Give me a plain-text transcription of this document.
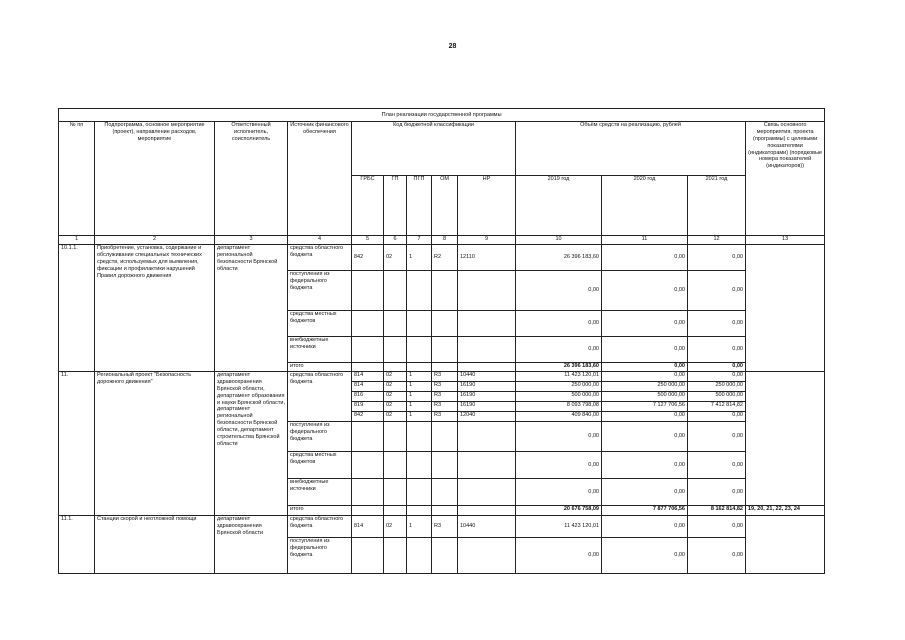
28
План реализации государственной программы												
№ пп	Подпрограмма, основное мероприятие (проект), направление расходов, мероприятие	Ответственный исполнитель, соисполнитель	Источник финансового обеспечения	Код бюджетной классификации					Объём средств на реализацию, рублей			Связь основного мероприятия, проекта (программы) с целевыми показателями (индикаторами) (порядковые номера показателей (индикаторов))
				ГРБС	ГП	ПГП	ОМ	НР	2019 год	2020 год	2021 год	
1	2	3	4	5	6	7	8	9	10	11	12	13
10.1.1.	Приобретение, установка, содержание и обслуживание специальных технических средств, используемых для выявления, фиксации и профилактики нарушений Правил дорожного движения	департамент региональной безопасности Брянской области	средства областного бюджета	842	02	1	R2	12110	26 396 183,60	0,00	0,00	
			поступления из федерального бюджета						0,00	0,00	0,00	
			средства местных бюджетов						0,00	0,00	0,00	
			внебюджетные источники						0,00	0,00	0,00	
			итого						26 396 183,60	0,00	0,00	
11.	Региональный проект "Безопасность дорожного движения"	департамент здравоохранения Брянской области, департамент образования и науки Брянской области, департамент региональной безопасности Брянской области, департамент строительства Брянской области	средства областного бюджета	814	02	1	R3	10440	11 423 120,01	0,00	0,00	
				814	02	1	R3	16190	250 000,00	250 000,00	250 000,00	
				816	02	1	R3	16190	500 000,00	500 000,00	500 000,00	
				819	02	1	R3	16190	8 093 798,08	7 127 706,56	7 412 814,82	
				842	02	1	R3	12040	409 840,00	0,00	0,00	
			поступления из федерального бюджета						0,00	0,00	0,00	
			средства местных бюджетов						0,00	0,00	0,00	
			внебюджетные источники						0,00	0,00	0,00	
			итого						20 676 758,09	7 877 706,56	8 162 814,82	19, 20, 21, 22, 23, 24
11.1.	Станции скорой и неотложной помощи	департамент здравоохранения Брянской области	средства областного бюджета	814	02	1	R3	10440	11 423 120,01	0,00	0,00	
			поступления из федерального бюджета						0,00	0,00	0,00	
